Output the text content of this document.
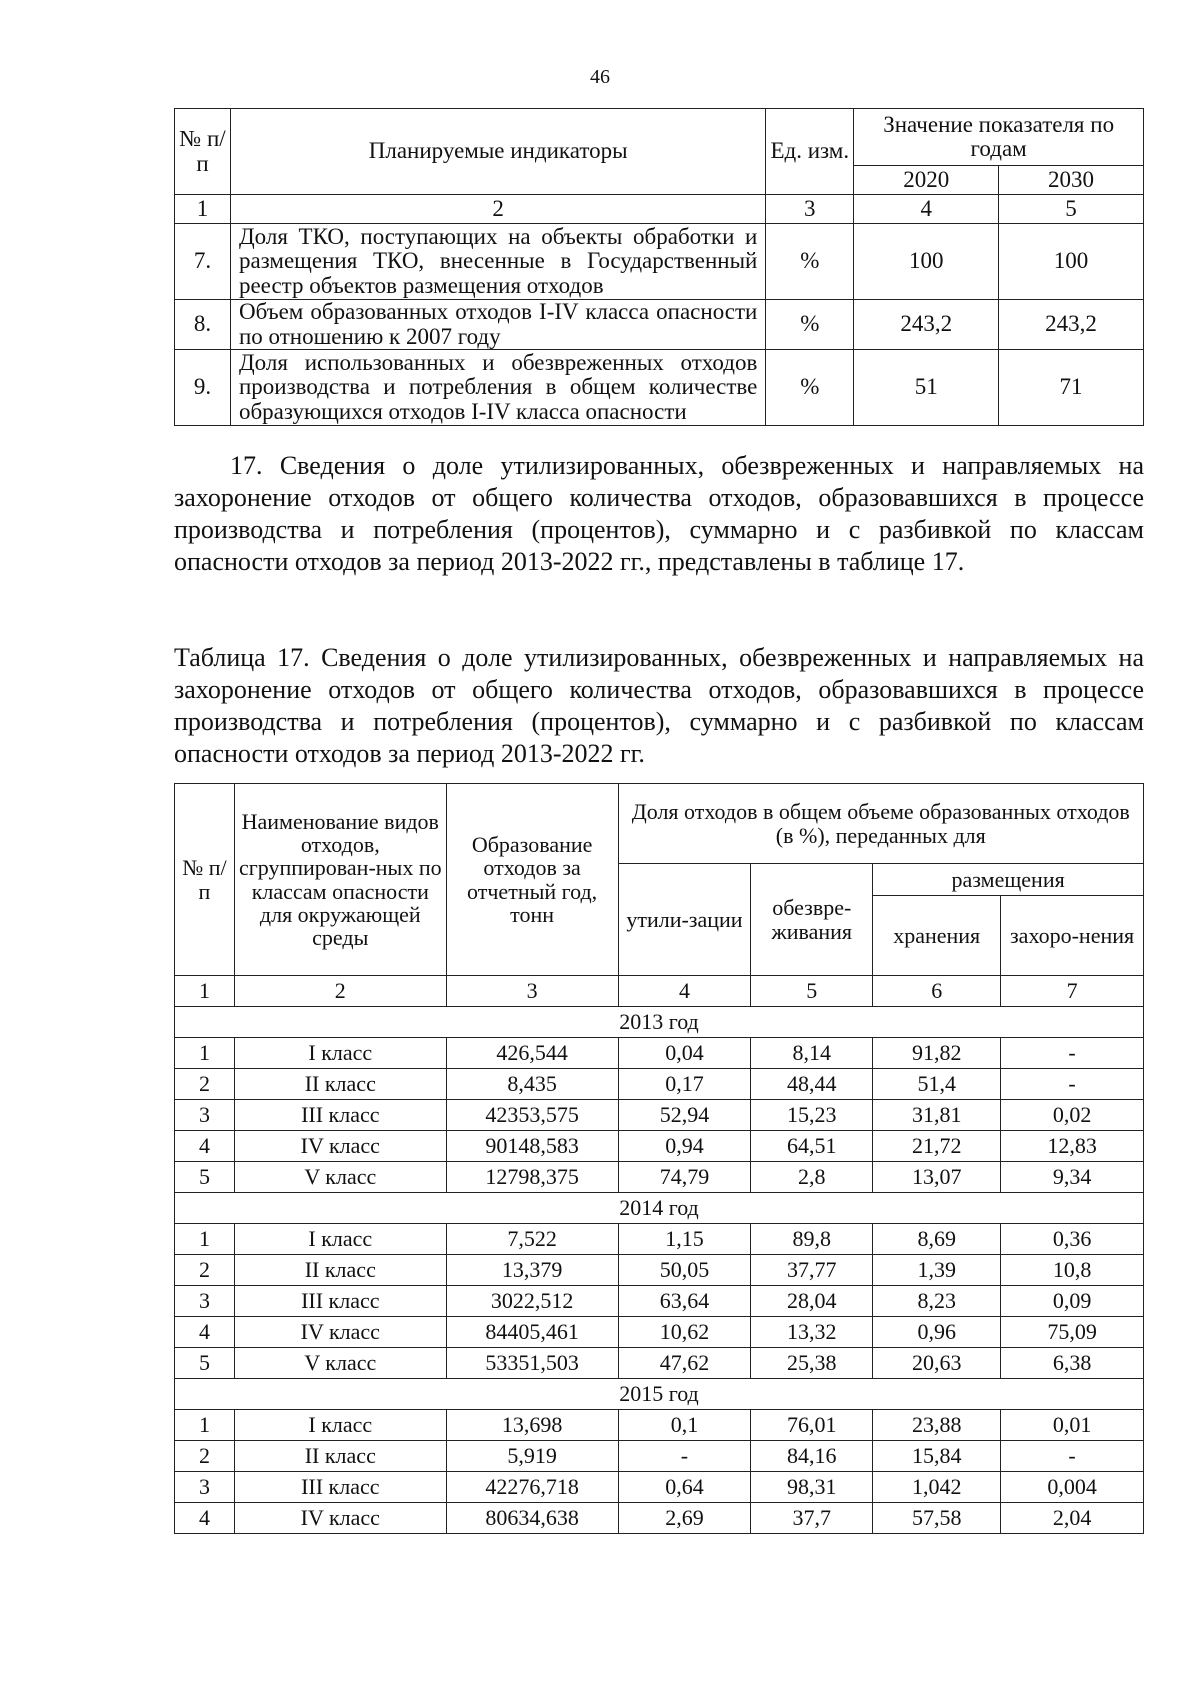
46
№ п/п	Планируемые индикаторы	Ед. изм.	Значение показателя по годам	
			2020	2030
1	2	3	4	5
7.	Доля ТКО, поступающих на объекты обработки и размещения ТКО, внесенные в Государственный реестр объектов размещения отходов	%	100	100
8.	Объем образованных отходов I-IV класса опасности по отношению к 2007 году	%	243,2	243,2
9.	Доля использованных и обезвреженных отходов производства и потребления в общем количестве образующихся отходов I-IV класса опасности	%	51	71

17. Сведения о доле утилизированных, обезвреженных и направляемых на захоронение отходов от общего количества отходов, образовавшихся в процессе производства и потребления (процентов), суммарно и с разбивкой по классам опасности отходов за период 2013-2022 гг., представлены в таблице 17.

Таблица 17. Сведения о доле утилизированных, обезвреженных и направляемых на захоронение отходов от общего количества отходов, образовавшихся в процессе производства и потребления (процентов), суммарно и с разбивкой по классам опасности отходов за период 2013-2022 гг.

№ п/п	Наименование видов отходов, сгруппирован-ных по классам опасности для окружающей среды	Образование отходов за отчетный год, тонн	Доля отходов в общем объеме образованных отходов (в %), переданных для			
			утили-зации	обезвре-живания	размещения	
					хранения	захоро-нения
1	2	3	4	5	6	7
2013 год						
1	I класс	426,544	0,04	8,14	91,82	-
2	II класс	8,435	0,17	48,44	51,4	-
3	III класс	42353,575	52,94	15,23	31,81	0,02
4	IV класс	90148,583	0,94	64,51	21,72	12,83
5	V класс	12798,375	74,79	2,8	13,07	9,34
2014 год						
1	I класс	7,522	1,15	89,8	8,69	0,36
2	II класс	13,379	50,05	37,77	1,39	10,8
3	III класс	3022,512	63,64	28,04	8,23	0,09
4	IV класс	84405,461	10,62	13,32	0,96	75,09
5	V класс	53351,503	47,62	25,38	20,63	6,38
2015 год						
1	I класс	13,698	0,1	76,01	23,88	0,01
2	II класс	5,919	-	84,16	15,84	-
3	III класс	42276,718	0,64	98,31	1,042	0,004
4	IV класс	80634,638	2,69	37,7	57,58	2,04
